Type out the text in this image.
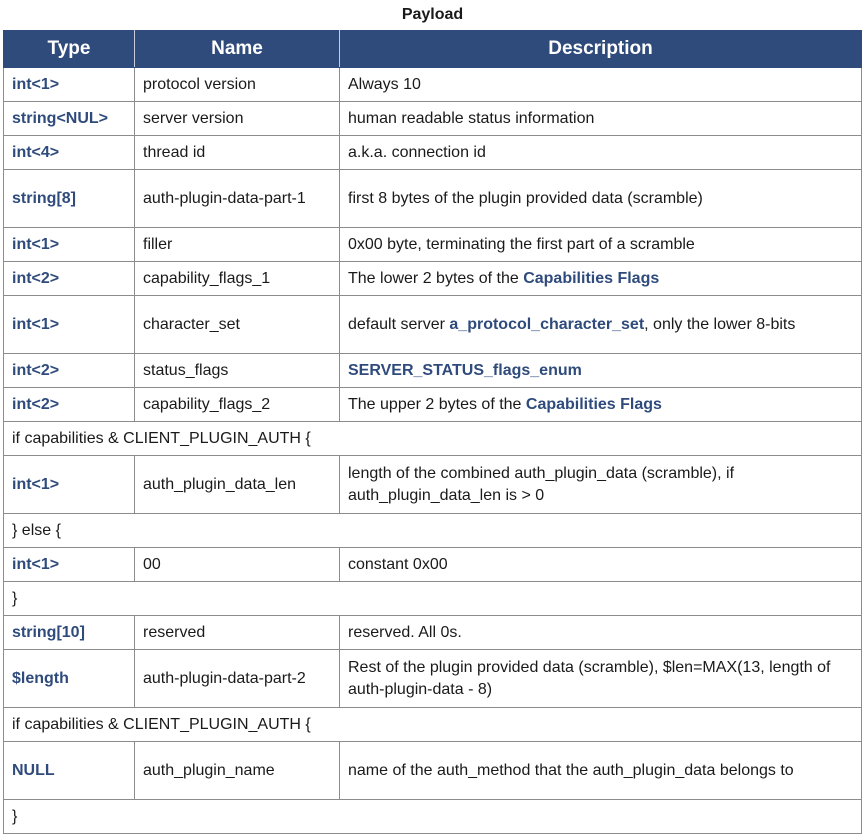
Payload
Type	Name	Description
int<1>	protocol version	Always 10
string<NUL>	server version	human readable status information
int<4>	thread id	a.k.a. connection id
string[8]	auth-plugin-data-part-1	first 8 bytes of the plugin provided data (scramble)
int<1>	filler	0x00 byte, terminating the first part of a scramble
int<2>	capability_flags_1	The lower 2 bytes of the Capabilities Flags
int<1>	character_set	default server a_protocol_character_set, only the lower 8-bits
int<2>	status_flags	SERVER_STATUS_flags_enum
int<2>	capability_flags_2	The upper 2 bytes of the Capabilities Flags
if capabilities & CLIENT_PLUGIN_AUTH {		
int<1>	auth_plugin_data_len	length of the combined auth_plugin_data (scramble), if auth_plugin_data_len is > 0
} else {		
int<1>	00	constant 0x00
}		
string[10]	reserved	reserved. All 0s.
$length	auth-plugin-data-part-2	Rest of the plugin provided data (scramble), $len=MAX(13, length of auth-plugin-data - 8)
if capabilities & CLIENT_PLUGIN_AUTH {		
NULL	auth_plugin_name	name of the auth_method that the auth_plugin_data belongs to
}		
